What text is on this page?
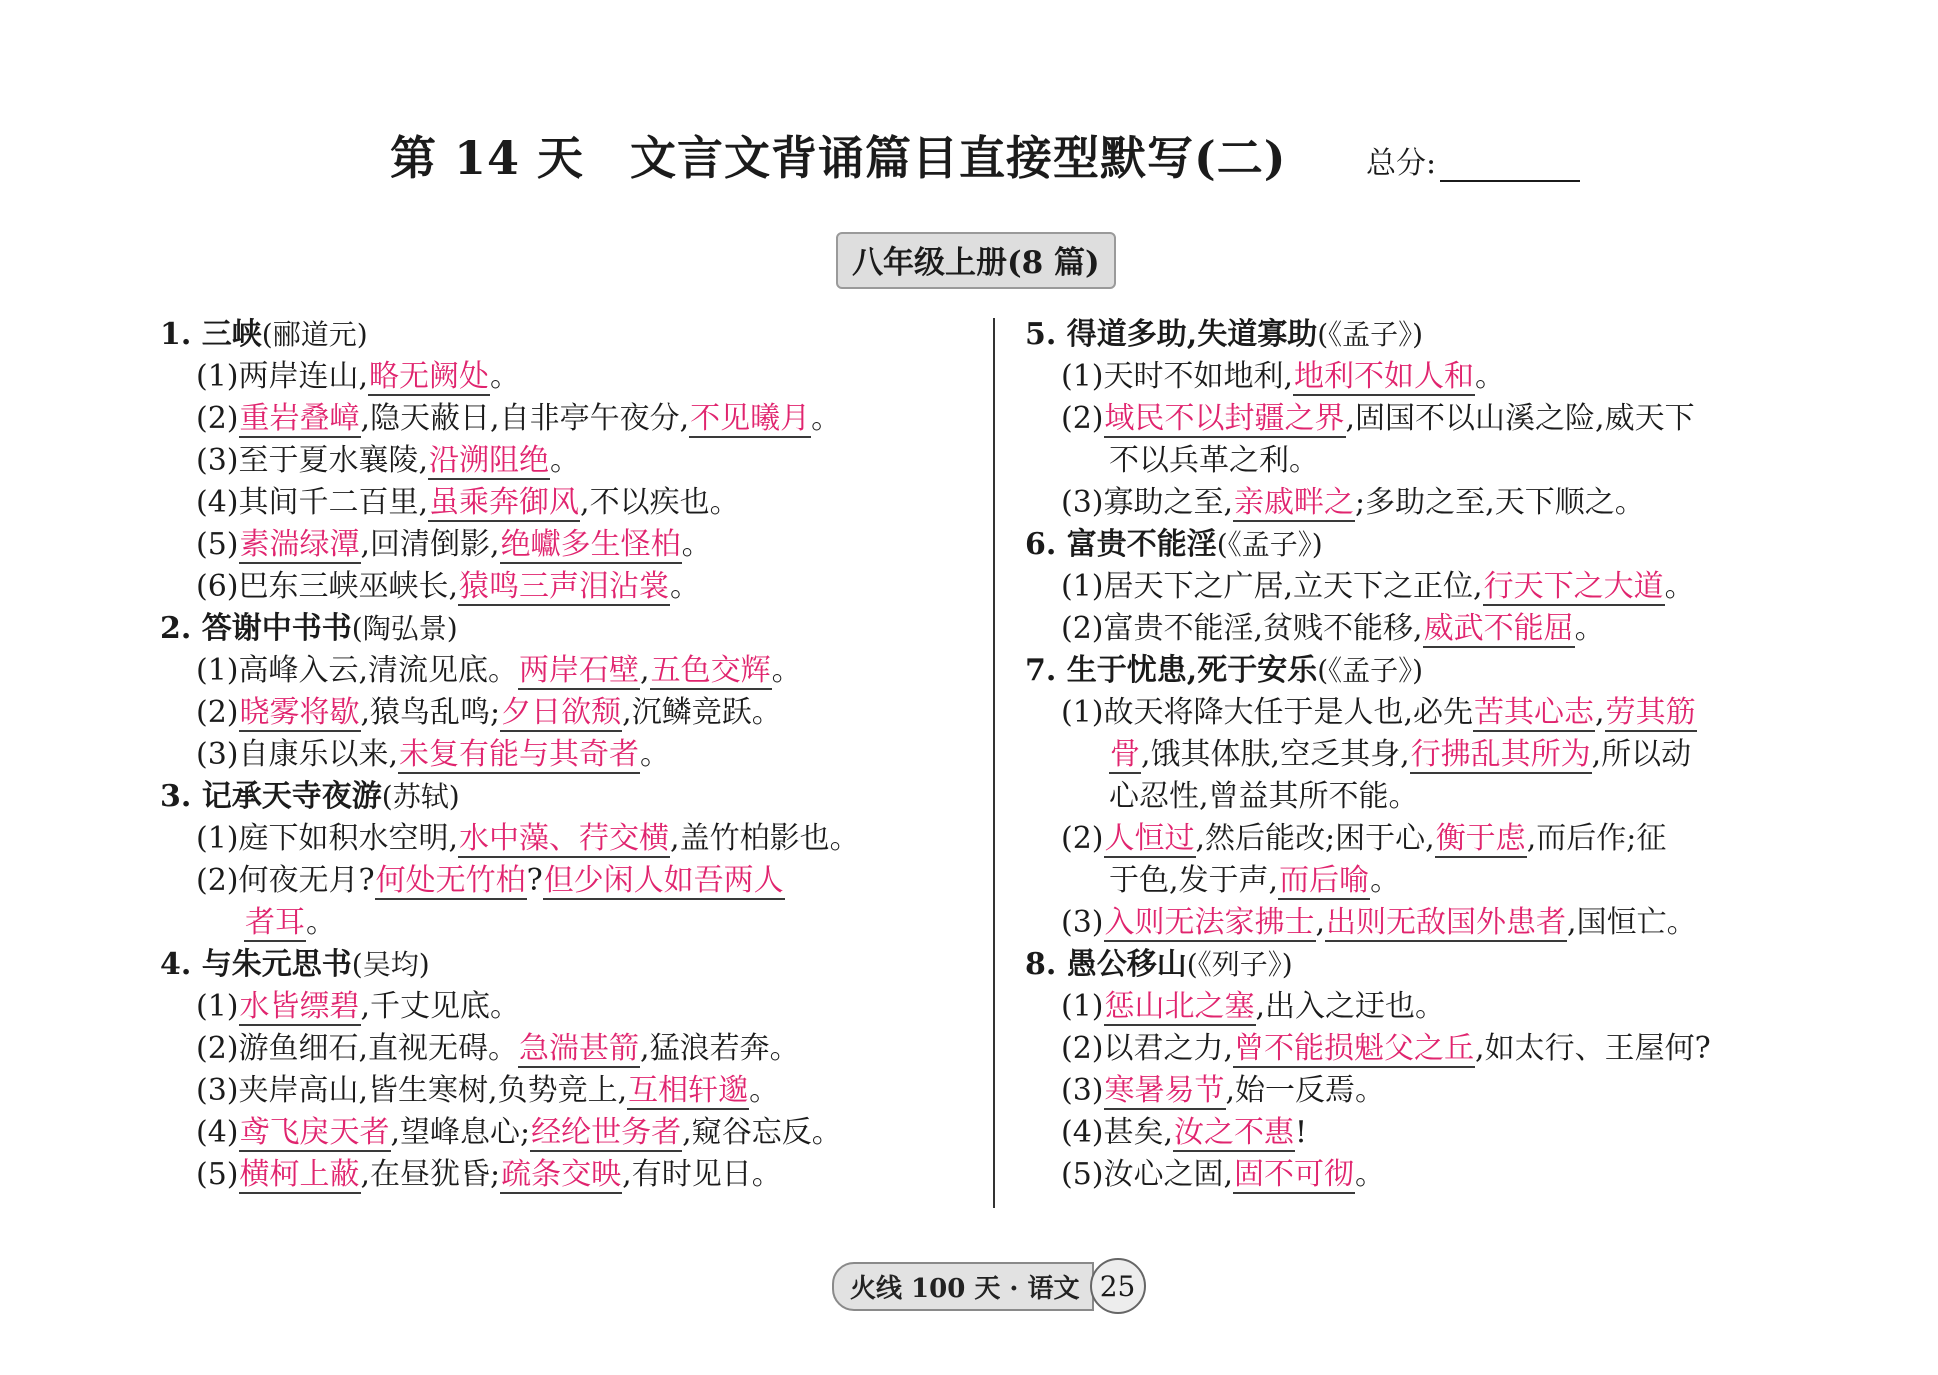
第 14 天 文言文背诵篇目直接型默写(二)	总分:
八年级上册(8 篇)
1. 三峡(郦道元)
(1)两岸连山,略无阙处。
(2)重岩叠嶂,隐天蔽日,自非亭午夜分,不见曦月。
(3)至于夏水襄陵,沿溯阻绝。
(4)其间千二百里,虽乘奔御风,不以疾也。
(5)素湍绿潭,回清倒影,绝巘多生怪柏。
(6)巴东三峡巫峡长,猿鸣三声泪沾裳。
2. 答谢中书书(陶弘景)
(1)高峰入云,清流见底。两岸石壁,五色交辉。
(2)晓雾将歇,猿鸟乱鸣;夕日欲颓,沉鳞竞跃。
(3)自康乐以来,未复有能与其奇者。
3. 记承天寺夜游(苏轼)
(1)庭下如积水空明,水中藻、荇交横,盖竹柏影也。
(2)何夜无月?何处无竹柏?但少闲人如吾两人
者耳。
4. 与朱元思书(吴均)
(1)水皆缥碧,千丈见底。
(2)游鱼细石,直视无碍。急湍甚箭,猛浪若奔。
(3)夹岸高山,皆生寒树,负势竞上,互相轩邈。
(4)鸢飞戾天者,望峰息心;经纶世务者,窥谷忘反。
(5)横柯上蔽,在昼犹昏;疏条交映,有时见日。
5. 得道多助,失道寡助(《孟子》)
(1)天时不如地利,地利不如人和。
(2)域民不以封疆之界,固国不以山溪之险,威天下
不以兵革之利。
(3)寡助之至,亲戚畔之;多助之至,天下顺之。
6. 富贵不能淫(《孟子》)
(1)居天下之广居,立天下之正位,行天下之大道。
(2)富贵不能淫,贫贱不能移,威武不能屈。
7. 生于忧患,死于安乐(《孟子》)
(1)故天将降大任于是人也,必先苦其心志,劳其筋
骨,饿其体肤,空乏其身,行拂乱其所为,所以动
心忍性,曾益其所不能。
(2)人恒过,然后能改;困于心,衡于虑,而后作;征
于色,发于声,而后喻。
(3)入则无法家拂士,出则无敌国外患者,国恒亡。
8. 愚公移山(《列子》)
(1)惩山北之塞,出入之迂也。
(2)以君之力,曾不能损魁父之丘,如太行、王屋何?
(3)寒暑易节,始一反焉。
(4)甚矣,汝之不惠!
(5)汝心之固,固不可彻。
火线 100 天 · 语文 25
